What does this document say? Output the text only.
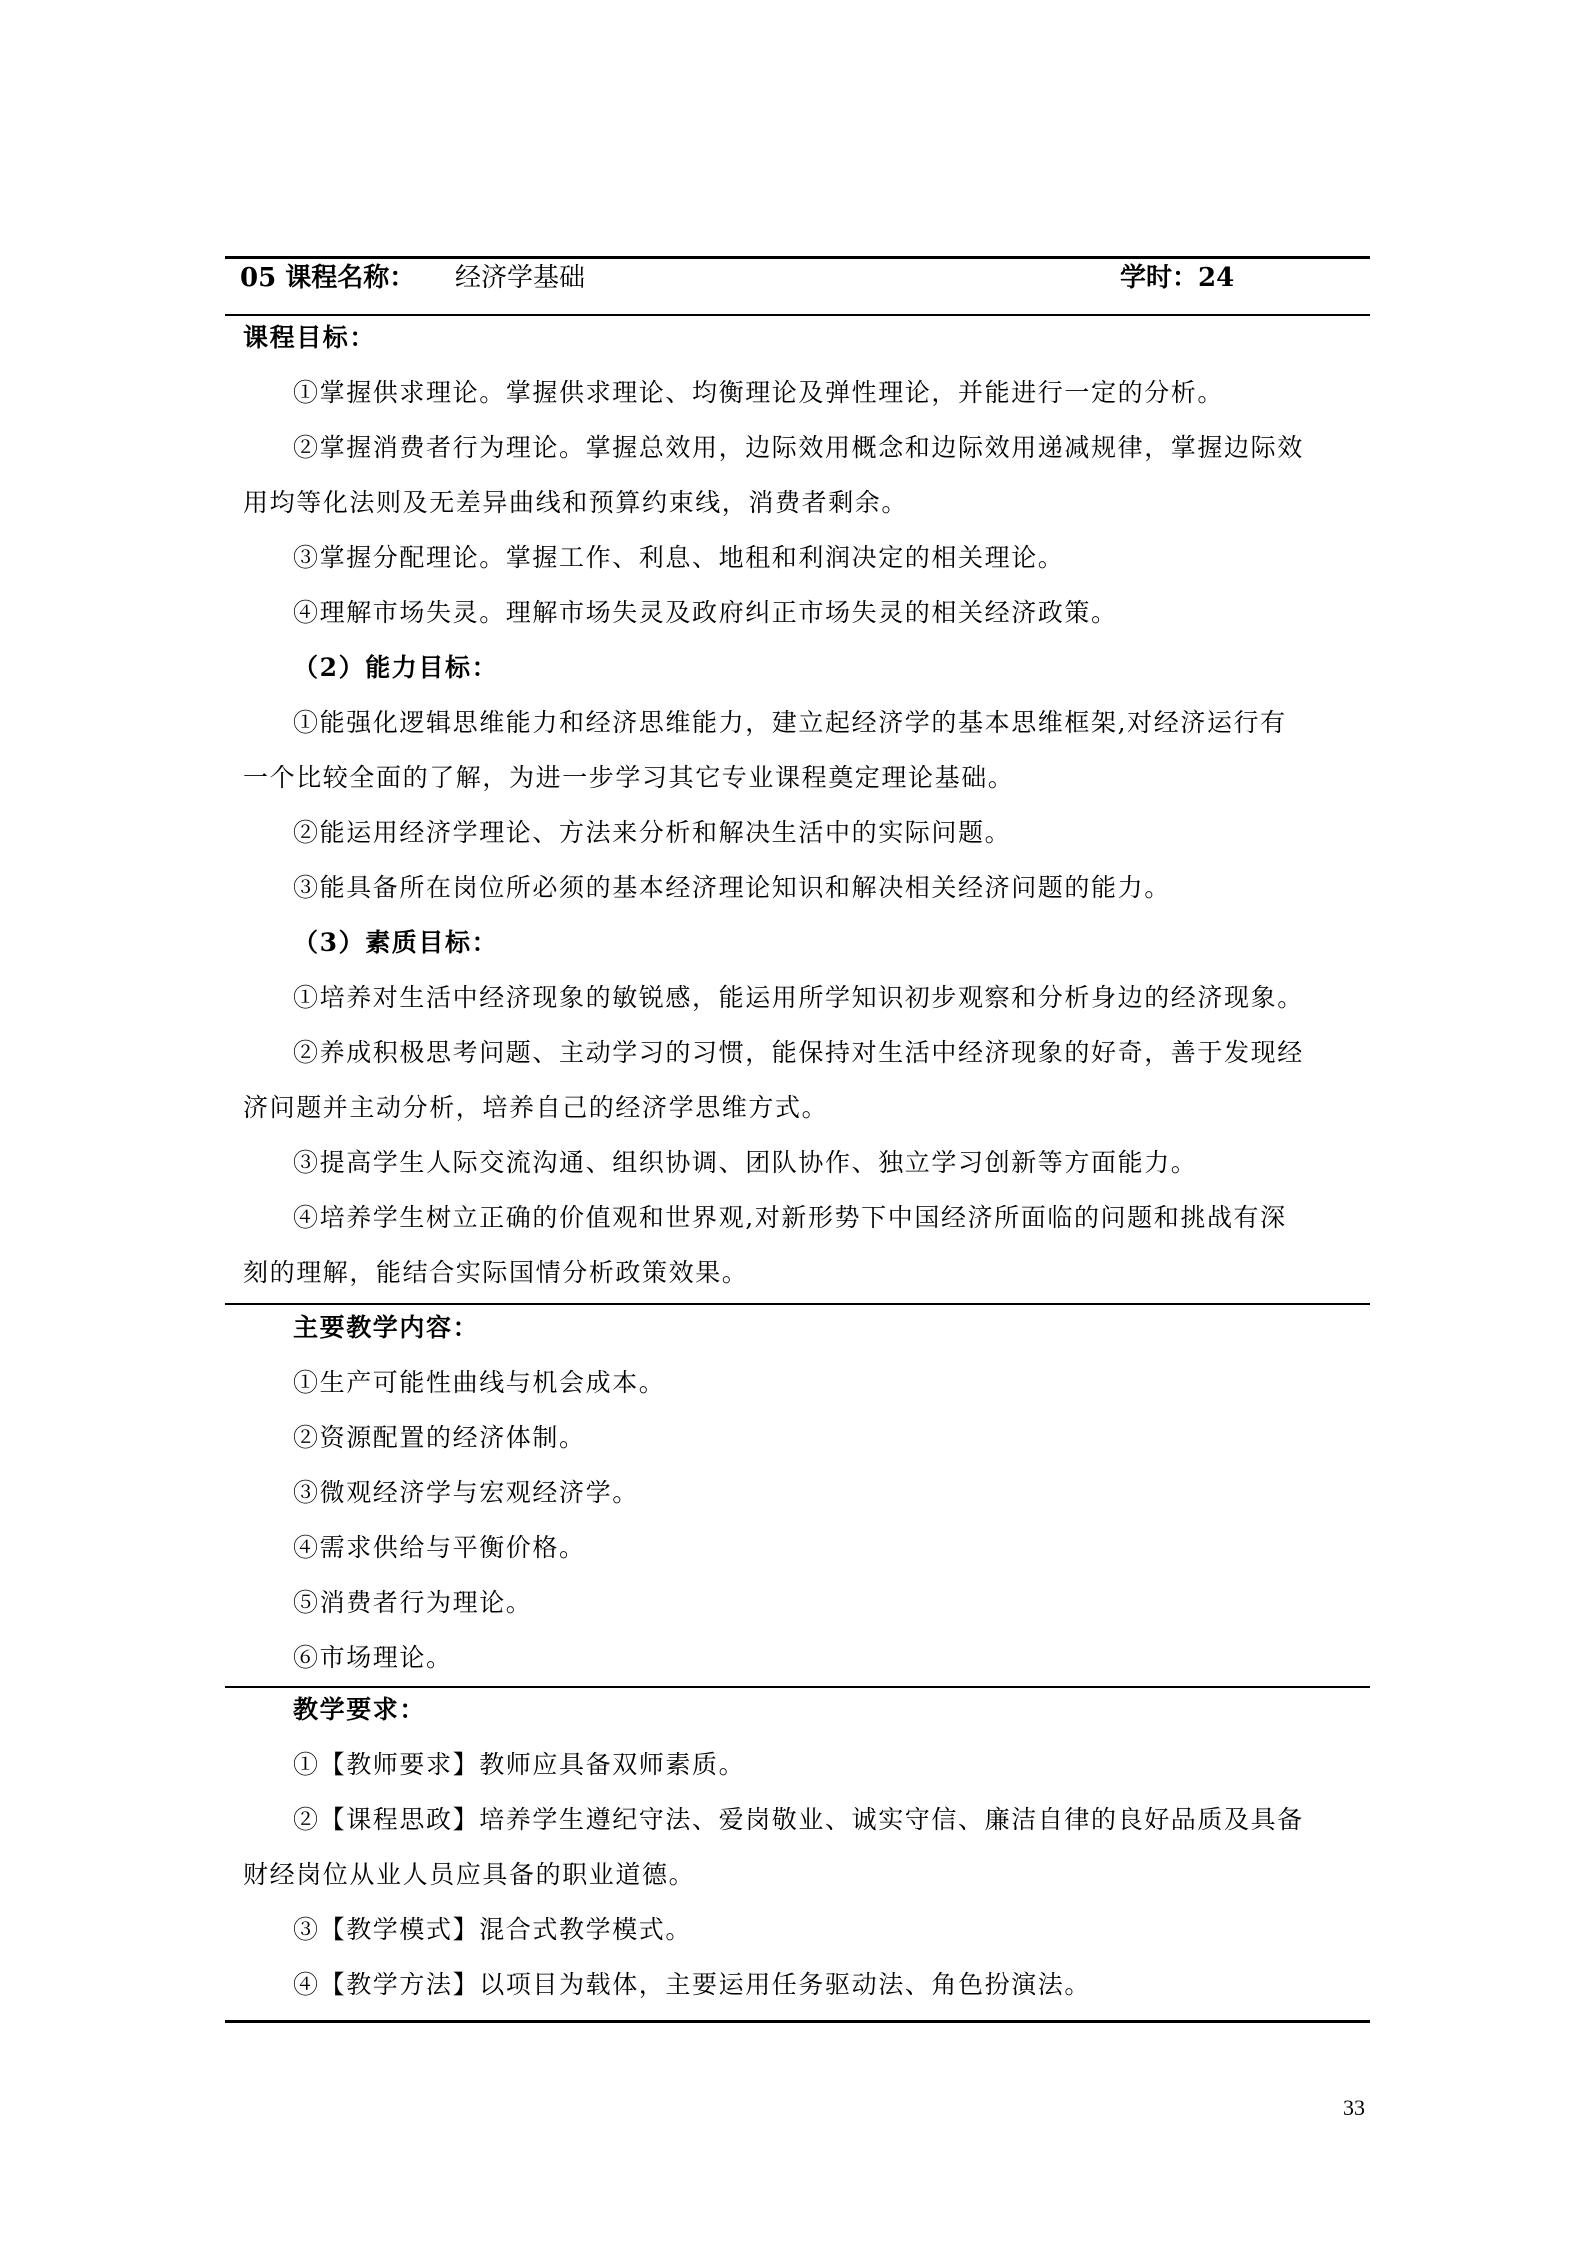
05 课程名称： 经济学基础	学时：24
课程目标：
①掌握供求理论。掌握供求理论、均衡理论及弹性理论，并能进行一定的分析。
②掌握消费者行为理论。掌握总效用，边际效用概念和边际效用递减规律，掌握边际效
用均等化法则及无差异曲线和预算约束线，消费者剩余。
③掌握分配理论。掌握工作、利息、地租和利润决定的相关理论。
④理解市场失灵。理解市场失灵及政府纠正市场失灵的相关经济政策。
（2）能力目标：
①能强化逻辑思维能力和经济思维能力，建立起经济学的基本思维框架,对经济运行有
一个比较全面的了解，为进一步学习其它专业课程奠定理论基础。
②能运用经济学理论、方法来分析和解决生活中的实际问题。
③能具备所在岗位所必须的基本经济理论知识和解决相关经济问题的能力。
（3）素质目标：
①培养对生活中经济现象的敏锐感，能运用所学知识初步观察和分析身边的经济现象。
②养成积极思考问题、主动学习的习惯，能保持对生活中经济现象的好奇，善于发现经
济问题并主动分析，培养自己的经济学思维方式。
③提高学生人际交流沟通、组织协调、团队协作、独立学习创新等方面能力。
④培养学生树立正确的价值观和世界观,对新形势下中国经济所面临的问题和挑战有深
刻的理解，能结合实际国情分析政策效果。
主要教学内容：
①生产可能性曲线与机会成本。
②资源配置的经济体制。
③微观经济学与宏观经济学。
④需求供给与平衡价格。
⑤消费者行为理论。
⑥市场理论。
教学要求：
①【教师要求】教师应具备双师素质。
②【课程思政】培养学生遵纪守法、爱岗敬业、诚实守信、廉洁自律的良好品质及具备
财经岗位从业人员应具备的职业道德。
③【教学模式】混合式教学模式。
④【教学方法】以项目为载体，主要运用任务驱动法、角色扮演法。
33
